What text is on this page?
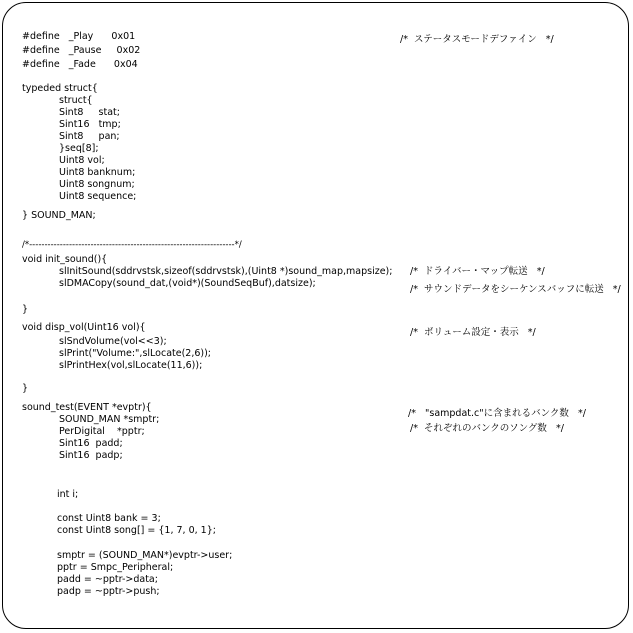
#define   _Play      0x01
#define   _Pause     0x02
#define   _Fade      0x04
/*  ステータスモードデファイン   */
typeded struct{
struct{
Sint8     stat;
Sint16   tmp;
Sint8     pan;
}seq[8];
Uint8 vol;
Uint8 banknum;
Uint8 songnum;
Uint8 sequence;
} SOUND_MAN;
/*-------------------------------------------------------------------*/
void init_sound(){
slInitSound(sddrvstsk,sizeof(sddrvstsk),(Uint8 *)sound_map,mapsize); /*  ドライバー・マップ転送   */
slDMACopy(sound_dat,(void*)(SoundSeqBuf),datsize);
/*  サウンドデータをシーケンスバッフに転送   */
}
void disp_vol(Uint16 vol){	/*  ボリューム設定・表示   */
slSndVolume(vol<<3);
slPrint("Volume:",slLocate(2,6));
slPrintHex(vol,slLocate(11,6));
}
sound_test(EVENT *evptr){
SOUND_MAN *smptr;
/*   "sampdat.c"に含まれるバンク数   */
PerDigital    *pptr;	/*  それぞれのバンクのソング数   */
Sint16  padd;
Sint16  padp;
int i;
const Uint8 bank = 3;
const Uint8 song[] = {1, 7, 0, 1};
smptr = (SOUND_MAN*)evptr->user;
pptr = Smpc_Peripheral;
padd = ~pptr->data;
padp = ~pptr->push;
